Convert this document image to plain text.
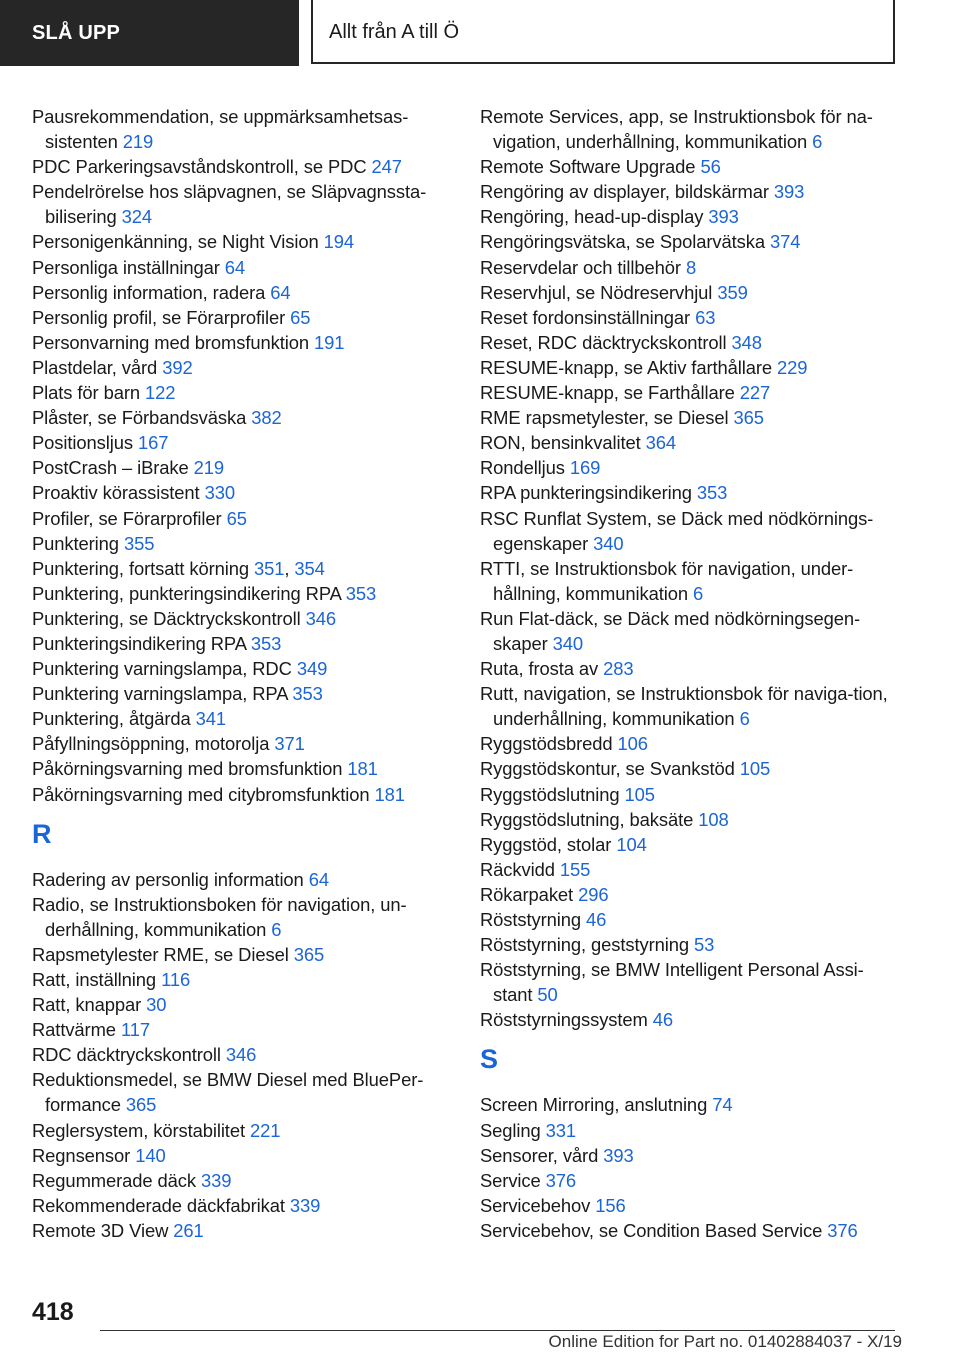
SLÅ UPP	Allt från A till Ö
Pausrekommendation, se uppmärksamhetsas-sistenten 219
PDC Parkeringsavståndskontroll, se PDC 247
Pendelrörelse hos släpvagnen, se Släpvagnssta-bilisering 324
Personigenkänning, se Night Vision 194
Personliga inställningar 64
Personlig information, radera 64
Personlig profil, se Förarprofiler 65
Personvarning med bromsfunktion 191
Plastdelar, vård 392
Plats för barn 122
Plåster, se Förbandsväska 382
Positionsljus 167
PostCrash – iBrake 219
Proaktiv körassistent 330
Profiler, se Förarprofiler 65
Punktering 355
Punktering, fortsatt körning 351, 354
Punktering, punkteringsindikering RPA 353
Punktering, se Däcktryckskontroll 346
Punkteringsindikering RPA 353
Punktering varningslampa, RDC 349
Punktering varningslampa, RPA 353
Punktering, åtgärda 341
Påfyllningsöppning, motorolja 371
Påkörningsvarning med bromsfunktion 181
Påkörningsvarning med citybromsfunktion 181
R
Radering av personlig information 64
Radio, se Instruktionsboken för navigation, un-derhållning, kommunikation 6
Rapsmetylester RME, se Diesel 365
Ratt, inställning 116
Ratt, knappar 30
Rattvärme 117
RDC däcktryckskontroll 346
Reduktionsmedel, se BMW Diesel med BluePer-formance 365
Reglersystem, körstabilitet 221
Regnsensor 140
Regummerade däck 339
Rekommenderade däckfabrikat 339
Remote 3D View 261
Remote Services, app, se Instruktionsbok för na-vigation, underhållning, kommunikation 6
Remote Software Upgrade 56
Rengöring av displayer, bildskärmar 393
Rengöring, head-up-display 393
Rengöringsvätska, se Spolarvätska 374
Reservdelar och tillbehör 8
Reservhjul, se Nödreservhjul 359
Reset fordonsinställningar 63
Reset, RDC däcktryckskontroll 348
RESUME-knapp, se Aktiv farthållare 229
RESUME-knapp, se Farthållare 227
RME rapsmetylester, se Diesel 365
RON, bensinkvalitet 364
Rondelljus 169
RPA punkteringsindikering 353
RSC Runflat System, se Däck med nödkörnings-egenskaper 340
RTTI, se Instruktionsbok för navigation, under-hållning, kommunikation 6
Run Flat-däck, se Däck med nödkörningsegen-skaper 340
Ruta, frosta av 283
Rutt, navigation, se Instruktionsbok för naviga-tion, underhållning, kommunikation 6
Ryggstödsbredd 106
Ryggstödskontur, se Svankstöd 105
Ryggstödslutning 105
Ryggstödslutning, baksäte 108
Ryggstöd, stolar 104
Räckvidd 155
Rökarpaket 296
Röststyrning 46
Röststyrning, geststyrning 53
Röststyrning, se BMW Intelligent Personal Assi-stant 50
Röststyrningssystem 46
S
Screen Mirroring, anslutning 74
Segling 331
Sensorer, vård 393
Service 376
Servicebehov 156
Servicebehov, se Condition Based Service 376
418
Online Edition for Part no. 01402884037 - X/19
